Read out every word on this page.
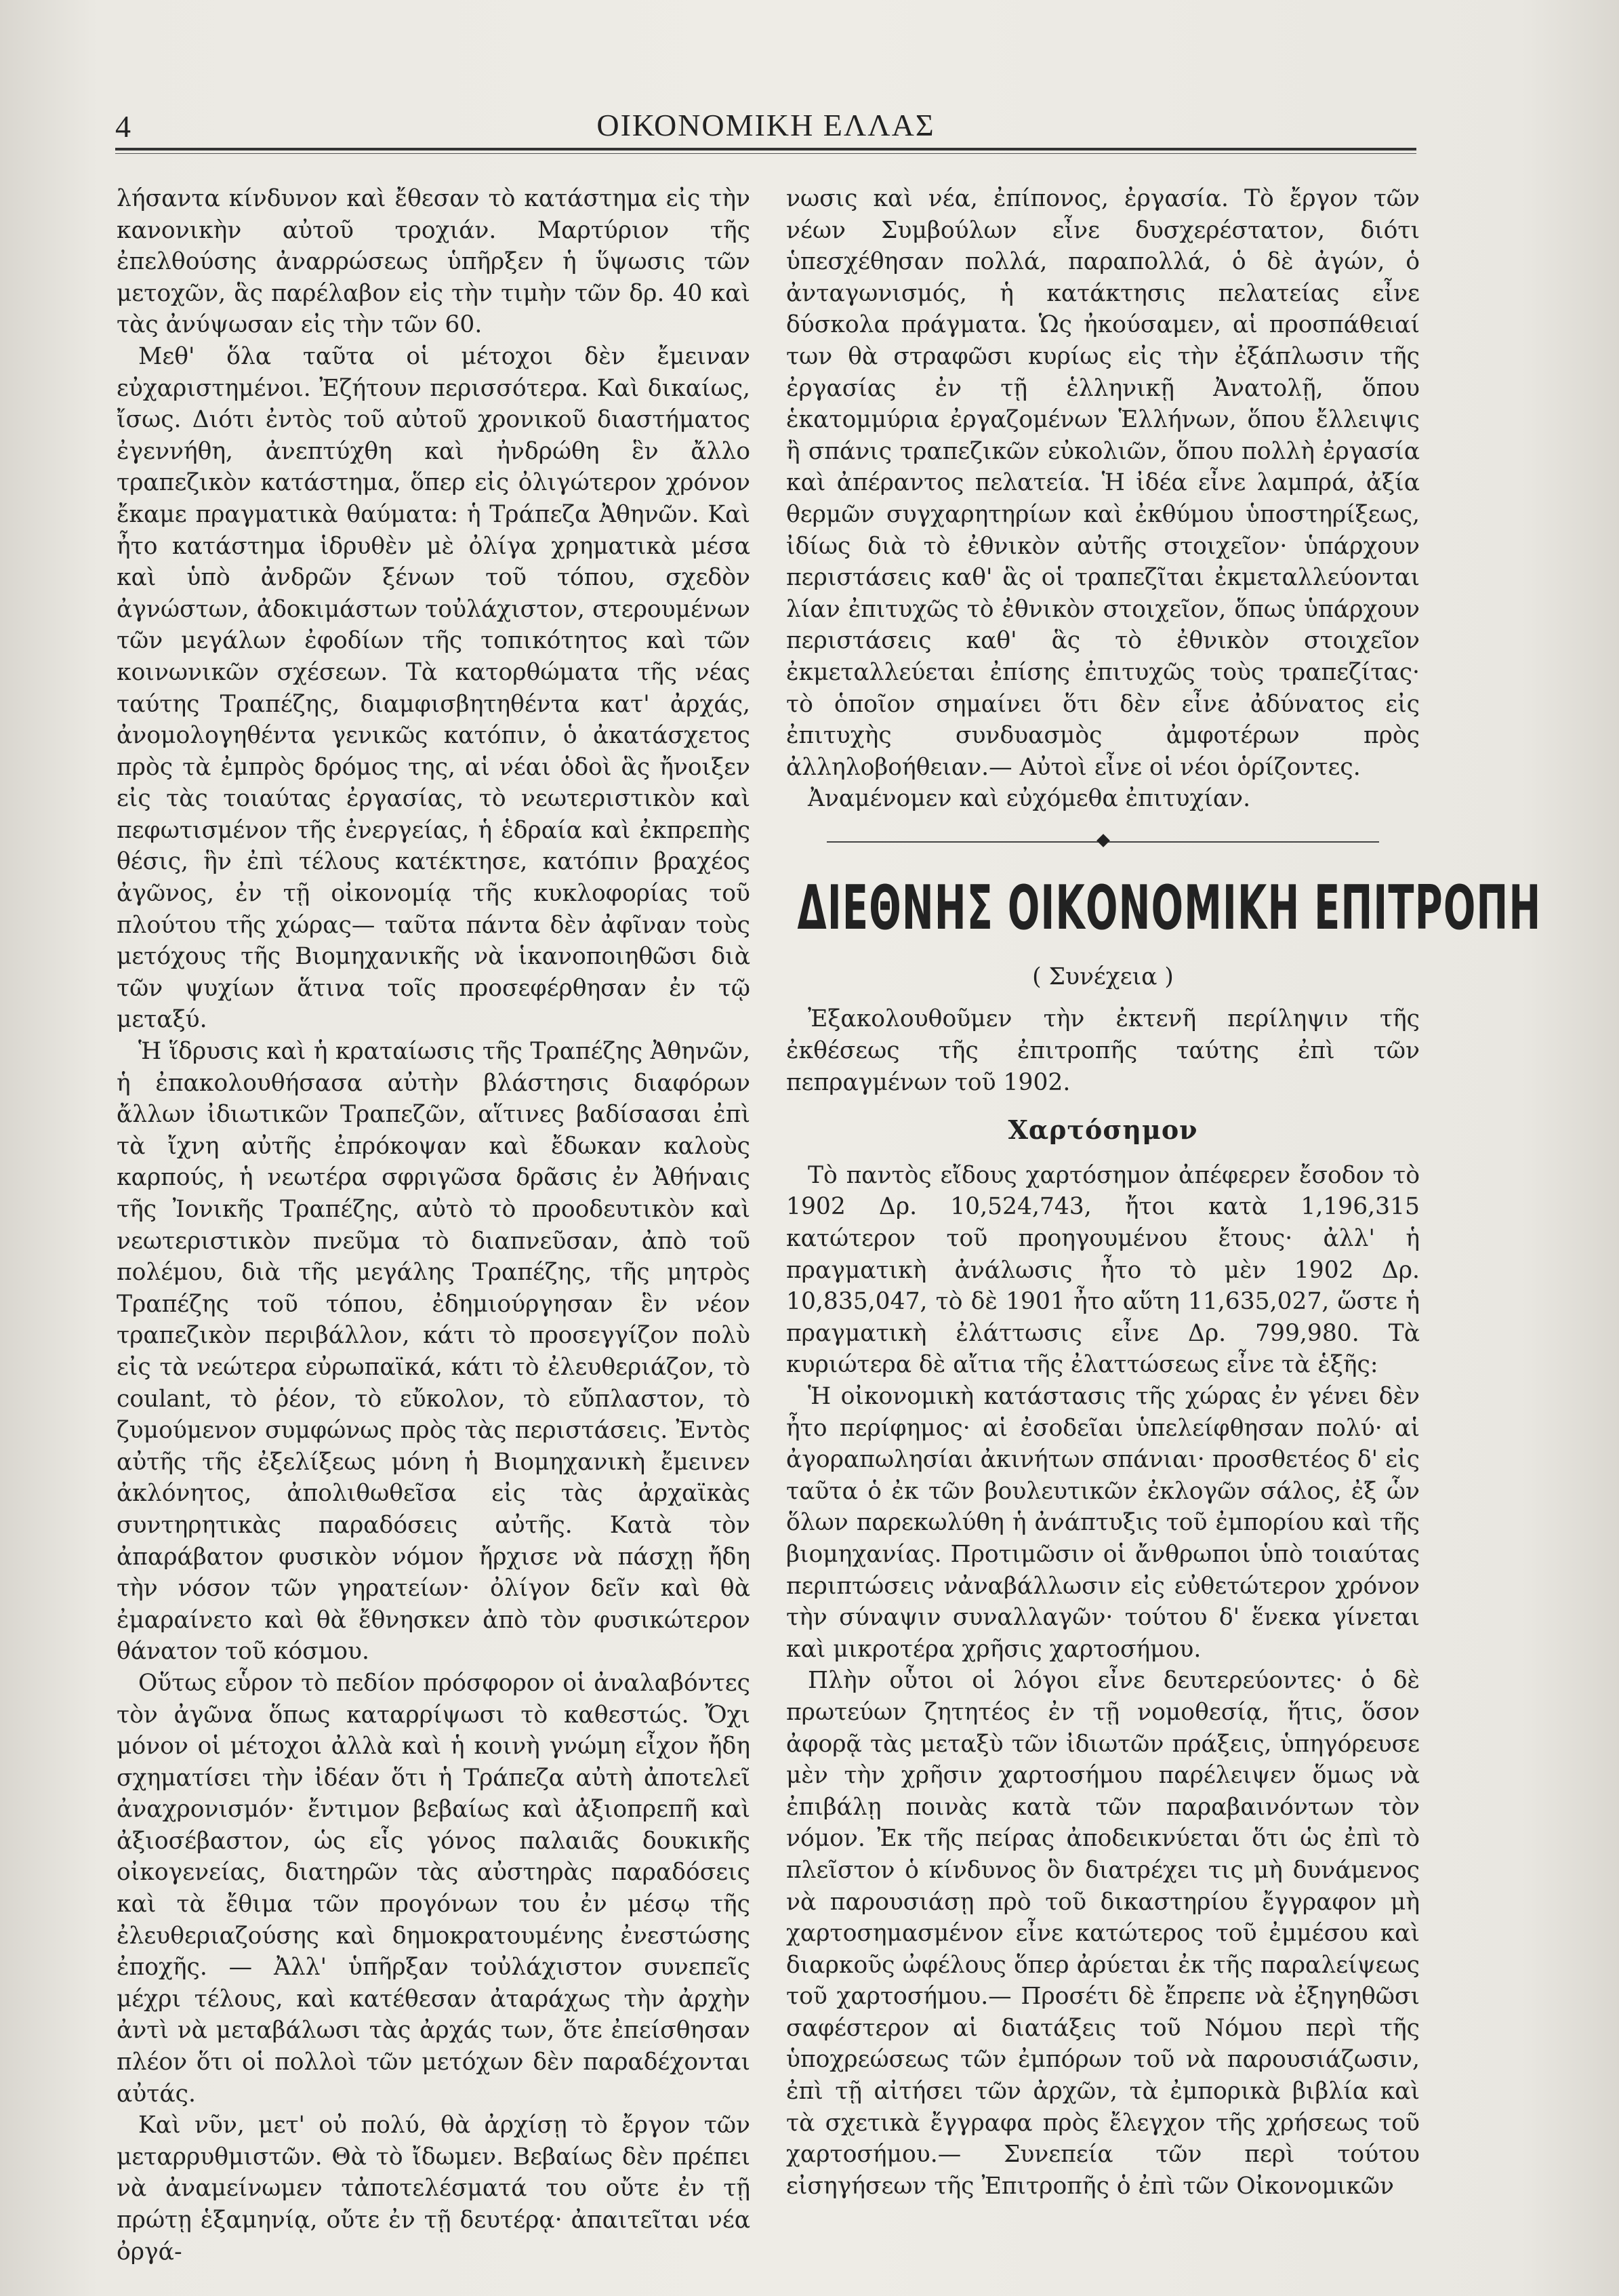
4	ΟΙΚΟΝΟΜΙΚΗ ΕΛΛΑΣ

λήσαντα κίνδυνον καὶ ἔθεσαν τὸ κατάστημα εἰς τὴν κανονικὴν αὐτοῦ τροχιάν. Μαρτύριον τῆς ἐπελθούσης ἀναρρώσεως ὑπῆρξεν ἡ ὕψωσις τῶν μετοχῶν, ἃς παρέλαβον εἰς τὴν τιμὴν τῶν δρ. 40 καὶ τὰς ἀνύψωσαν εἰς τὴν τῶν 60.

Μεθ' ὅλα ταῦτα οἱ μέτοχοι δὲν ἔμειναν εὐχαριστημένοι. Ἐζήτουν περισσότερα. Καὶ δικαίως, ἴσως. Διότι ἐντὸς τοῦ αὐτοῦ χρονικοῦ διαστήματος ἐγεννήθη, ἀνεπτύχθη καὶ ἠνδρώθη ἓν ἄλλο τραπεζικὸν κατάστημα, ὅπερ εἰς ὀλιγώτερον χρόνον ἔκαμε πραγματικὰ θαύματα: ἡ Τράπεζα Ἀθηνῶν. Καὶ ἦτο κατάστημα ἱδρυθὲν μὲ ὀλίγα χρηματικὰ μέσα καὶ ὑπὸ ἀνδρῶν ξένων τοῦ τόπου, σχεδὸν ἀγνώστων, ἀδοκιμάστων τοὐλάχιστον, στερουμένων τῶν μεγάλων ἐφοδίων τῆς τοπικότητος καὶ τῶν κοινωνικῶν σχέσεων. Τὰ κατορθώματα τῆς νέας ταύτης Τραπέζης, διαμφισβητηθέντα κατ' ἀρχάς, ἀνομολογηθέντα γενικῶς κατόπιν, ὁ ἀκατάσχετος πρὸς τὰ ἐμπρὸς δρόμος της, αἱ νέαι ὁδοὶ ἃς ἤνοιξεν εἰς τὰς τοιαύτας ἐργασίας, τὸ νεωτεριστικὸν καὶ πεφωτισμένον τῆς ἐνεργείας, ἡ ἑδραία καὶ ἐκπρεπὴς θέσις, ἣν ἐπὶ τέλους κατέκτησε, κατόπιν βραχέος ἀγῶνος, ἐν τῇ οἰκονομίᾳ τῆς κυκλοφορίας τοῦ πλούτου τῆς χώρας— ταῦτα πάντα δὲν ἀφῖναν τοὺς μετόχους τῆς Βιομηχανικῆς νὰ ἱκανοποιηθῶσι διὰ τῶν ψυχίων ἅτινα τοῖς προσεφέρθησαν ἐν τῷ μεταξύ.

Ἡ ἵδρυσις καὶ ἡ κραταίωσις τῆς Τραπέζης Ἀθηνῶν, ἡ ἐπακολουθήσασα αὐτὴν βλάστησις διαφόρων ἄλλων ἰδιωτικῶν Τραπεζῶν, αἵτινες βαδίσασαι ἐπὶ τὰ ἴχνη αὐτῆς ἐπρόκοψαν καὶ ἔδωκαν καλοὺς καρπούς, ἡ νεωτέρα σφριγῶσα δρᾶσις ἐν Ἀθήναις τῆς Ἰονικῆς Τραπέζης, αὐτὸ τὸ προοδευτικὸν καὶ νεωτεριστικὸν πνεῦμα τὸ διαπνεῦσαν, ἀπὸ τοῦ πολέμου, διὰ τῆς μεγάλης Τραπέζης, τῆς μητρὸς Τραπέζης τοῦ τόπου, ἐδημιούργησαν ἓν νέον τραπεζικὸν περιβάλλον, κάτι τὸ προσεγγίζον πολὺ εἰς τὰ νεώτερα εὐρωπαϊκά, κάτι τὸ ἐλευθεριάζον, τὸ coulant, τὸ ῥέον, τὸ εὔκολον, τὸ εὔπλαστον, τὸ ζυμούμενον συμφώνως πρὸς τὰς περιστάσεις. Ἐντὸς αὐτῆς τῆς ἐξελίξεως μόνη ἡ Βιομηχανικὴ ἔμεινεν ἀκλόνητος, ἀπολιθωθεῖσα εἰς τὰς ἀρχαϊκὰς συντηρητικὰς παραδόσεις αὐτῆς. Κατὰ τὸν ἀπαράβατον φυσικὸν νόμον ἤρχισε νὰ πάσχῃ ἤδη τὴν νόσον τῶν γηρατείων· ὀλίγον δεῖν καὶ θὰ ἐμαραίνετο καὶ θὰ ἔθνησκεν ἀπὸ τὸν φυσικώτερον θάνατον τοῦ κόσμου.

Οὕτως εὗρον τὸ πεδίον πρόσφορον οἱ ἀναλαβόντες τὸν ἀγῶνα ὅπως καταρρίψωσι τὸ καθεστώς. Ὄχι μόνον οἱ μέτοχοι ἀλλὰ καὶ ἡ κοινὴ γνώμη εἶχον ἤδη σχηματίσει τὴν ἰδέαν ὅτι ἡ Τράπεζα αὐτὴ ἀποτελεῖ ἀναχρονισμόν· ἔντιμον βεβαίως καὶ ἀξιοπρεπῆ καὶ ἀξιοσέβαστον, ὡς εἷς γόνος παλαιᾶς δουκικῆς οἰκογενείας, διατηρῶν τὰς αὐστηρὰς παραδόσεις καὶ τὰ ἔθιμα τῶν προγόνων του ἐν μέσῳ τῆς ἐλευθεριαζούσης καὶ δημοκρατουμένης ἐνεστώσης ἐποχῆς. — Ἀλλ' ὑπῆρξαν τοὐλάχιστον συνεπεῖς μέχρι τέλους, καὶ κατέθεσαν ἀταράχως τὴν ἀρχὴν ἀντὶ νὰ μεταβάλωσι τὰς ἀρχάς των, ὅτε ἐπείσθησαν πλέον ὅτι οἱ πολλοὶ τῶν μετόχων δὲν παραδέχονται αὐτάς.

Καὶ νῦν, μετ' οὐ πολύ, θὰ ἀρχίσῃ τὸ ἔργον τῶν μεταρρυθμιστῶν. Θὰ τὸ ἴδωμεν. Βεβαίως δὲν πρέπει νὰ ἀναμείνωμεν τἀποτελέσματά του οὔτε ἐν τῇ πρώτῃ ἑξαμηνίᾳ, οὔτε ἐν τῇ δευτέρᾳ· ἀπαιτεῖται νέα ὀργά-

νωσις καὶ νέα, ἐπίπονος, ἐργασία. Τὸ ἔργον τῶν νέων Συμβούλων εἶνε δυσχερέστατον, διότι ὑπεσχέθησαν πολλά, παραπολλά, ὁ δὲ ἀγών, ὁ ἀνταγωνισμός, ἡ κατάκτησις πελατείας εἶνε δύσκολα πράγματα. Ὡς ἠκούσαμεν, αἱ προσπάθειαί των θὰ στραφῶσι κυρίως εἰς τὴν ἐξάπλωσιν τῆς ἐργασίας ἐν τῇ ἑλληνικῇ Ἀνατολῇ, ὅπου ἑκατομμύρια ἐργαζομένων Ἑλλήνων, ὅπου ἔλλειψις ἢ σπάνις τραπεζικῶν εὐκολιῶν, ὅπου πολλὴ ἐργασία καὶ ἀπέραντος πελατεία. Ἡ ἰδέα εἶνε λαμπρά, ἀξία θερμῶν συγχαρητηρίων καὶ ἐκθύμου ὑποστηρίξεως, ἰδίως διὰ τὸ ἐθνικὸν αὐτῆς στοιχεῖον· ὑπάρχουν περιστάσεις καθ' ἃς οἱ τραπεζῖται ἐκμεταλλεύονται λίαν ἐπιτυχῶς τὸ ἐθνικὸν στοιχεῖον, ὅπως ὑπάρχουν περιστάσεις καθ' ἃς τὸ ἐθνικὸν στοιχεῖον ἐκμεταλλεύεται ἐπίσης ἐπιτυχῶς τοὺς τραπεζίτας· τὸ ὁποῖον σημαίνει ὅτι δὲν εἶνε ἀδύνατος εἰς ἐπιτυχὴς συνδυασμὸς ἀμφοτέρων πρὸς ἀλληλοβοήθειαν.— Αὐτοὶ εἶνε οἱ νέοι ὁρίζοντες.

Ἀναμένομεν καὶ εὐχόμεθα ἐπιτυχίαν.

ΔΙΕΘΝΗΣ ΟΙΚΟΝΟΜΙΚΗ ΕΠΙΤΡΟΠΗ
( Συνέχεια )

Ἐξακολουθοῦμεν τὴν ἐκτενῆ περίληψιν τῆς ἐκθέσεως τῆς ἐπιτροπῆς ταύτης ἐπὶ τῶν πεπραγμένων τοῦ 1902.

Χαρτόσημον

Τὸ παντὸς εἴδους χαρτόσημον ἀπέφερεν ἔσοδον τὸ 1902 Δρ. 10,524,743, ἤτοι κατὰ 1,196,315 κατώτερον τοῦ προηγουμένου ἔτους· ἀλλ' ἡ πραγματικὴ ἀνάλωσις ἦτο τὸ μὲν 1902 Δρ. 10,835,047, τὸ δὲ 1901 ἦτο αὕτη 11,635,027, ὥστε ἡ πραγματικὴ ἐλάττωσις εἶνε Δρ. 799,980. Τὰ κυριώτερα δὲ αἴτια τῆς ἐλαττώσεως εἶνε τὰ ἑξῆς:

Ἡ οἰκονομικὴ κατάστασις τῆς χώρας ἐν γένει δὲν ἦτο περίφημος· αἱ ἐσοδεῖαι ὑπελείφθησαν πολύ· αἱ ἀγοραπωλησίαι ἀκινήτων σπάνιαι· προσθετέος δ' εἰς ταῦτα ὁ ἐκ τῶν βουλευτικῶν ἐκλογῶν σάλος, ἐξ ὧν ὅλων παρεκωλύθη ἡ ἀνάπτυξις τοῦ ἐμπορίου καὶ τῆς βιομηχανίας. Προτιμῶσιν οἱ ἄνθρωποι ὑπὸ τοιαύτας περιπτώσεις νἀναβάλλωσιν εἰς εὐθετώτερον χρόνον τὴν σύναψιν συναλλαγῶν· τούτου δ' ἕνεκα γίνεται καὶ μικροτέρα χρῆσις χαρτοσήμου.

Πλὴν οὗτοι οἱ λόγοι εἶνε δευτερεύοντες· ὁ δὲ πρωτεύων ζητητέος ἐν τῇ νομοθεσίᾳ, ἥτις, ὅσον ἀφορᾷ τὰς μεταξὺ τῶν ἰδιωτῶν πράξεις, ὑπηγόρευσε μὲν τὴν χρῆσιν χαρτοσήμου παρέλειψεν ὅμως νὰ ἐπιβάλῃ ποινὰς κατὰ τῶν παραβαινόντων τὸν νόμον. Ἐκ τῆς πείρας ἀποδεικνύεται ὅτι ὡς ἐπὶ τὸ πλεῖστον ὁ κίνδυνος ὃν διατρέχει τις μὴ δυνάμενος νὰ παρουσιάσῃ πρὸ τοῦ δικαστηρίου ἔγγραφον μὴ χαρτοσημασμένον εἶνε κατώτερος τοῦ ἐμμέσου καὶ διαρκοῦς ὠφέλους ὅπερ ἀρύεται ἐκ τῆς παραλείψεως τοῦ χαρτοσήμου.— Προσέτι δὲ ἔπρεπε νὰ ἐξηγηθῶσι σαφέστερον αἱ διατάξεις τοῦ Νόμου περὶ τῆς ὑποχρεώσεως τῶν ἐμπόρων τοῦ νὰ παρουσιάζωσιν, ἐπὶ τῇ αἰτήσει τῶν ἀρχῶν, τὰ ἐμπορικὰ βιβλία καὶ τὰ σχετικὰ ἔγγραφα πρὸς ἔλεγχον τῆς χρήσεως τοῦ χαρτοσήμου.— Συνεπεία τῶν περὶ τούτου εἰσηγήσεων τῆς Ἐπιτροπῆς ὁ ἐπὶ τῶν Οἰκονομικῶν
